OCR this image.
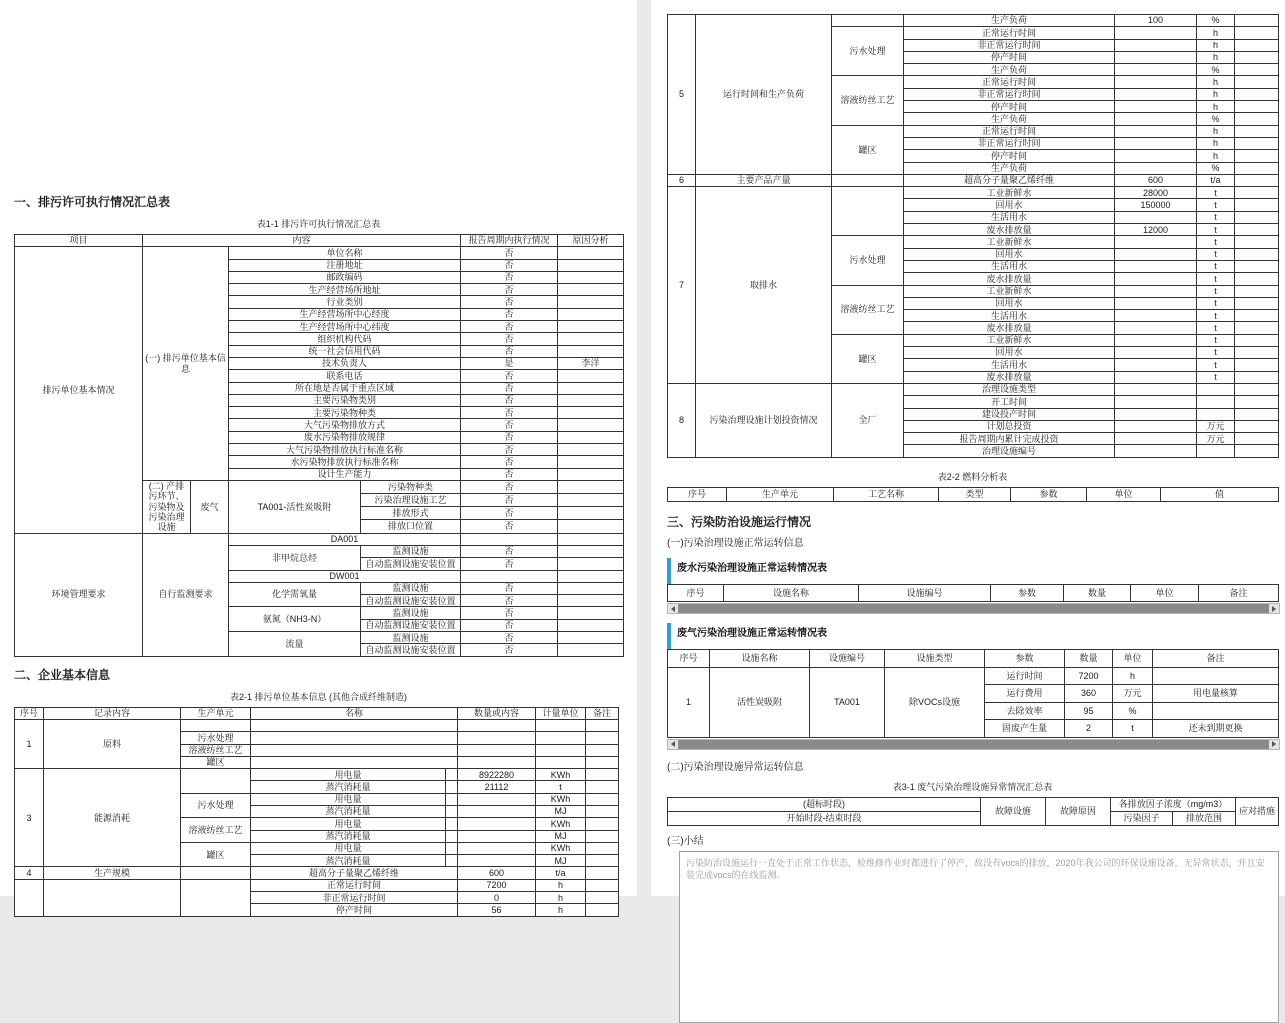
一、排污许可执行情况汇总表
表1-1 排污许可执行情况汇总表
项目	内容				报告周期内执行情况	原因分析
排污单位基本情况	(一) 排污单位基本信息		单位名称		否	
			注册地址		否	
			邮政编码		否	
			生产经营场所地址		否	
			行业类别		否	
			生产经营场所中心经度		否	
			生产经营场所中心纬度		否	
			组织机构代码		否	
			统一社会信用代码		否	
			技术负责人		是	李洋
			联系电话		否	
			所在地是否属于重点区域		否	
			主要污染物类别		否	
			主要污染物种类		否	
			大气污染物排放方式		否	
			废水污染物排放规律		否	
			大气污染物排放执行标准名称		否	
			水污染物排放执行标准名称		否	
			设计生产能力		否	
	(二) 产排污环节、污染物及污染治理设施	废气	TA001-活性炭吸附	污染物种类	否	
				污染治理设施工艺	否	
				排放形式	否	
				排放口位置	否	
环境管理要求	自行监测要求		DA001			
			非甲烷总烃	监测设施	否	
				自动监测设施安装位置	否	
			DW001			
			化学需氧量	监测设施	否	
				自动监测设施安装位置	否	
			氨氮（NH3-N）	监测设施	否	
				自动监测设施安装位置	否	
			流量	监测设施	否	
				自动监测设施安装位置	否	
二、企业基本信息
表2-1 排污单位基本信息 (其他合成纤维制造)
序号	记录内容	生产单元	名称		数量或内容	计量单位	备注
1	原料						
		污水处理					
		溶液纺丝工艺					
		罐区					
3	能源消耗		用电量		8922280	KWh	
			蒸汽消耗量		21112	t	
		污水处理	用电量			KWh	
			蒸汽消耗量			MJ	
		溶液纺丝工艺	用电量			KWh	
			蒸汽消耗量			MJ	
		罐区	用电量			KWh	
			蒸汽消耗量			MJ	
4	生产规模		超高分子量聚乙烯纤维		600	t/a	
			正常运行时间		7200	h	
			非正常运行时间		0	h	
			停产时间		56	h	
5	运行时间和生产负荷		生产负荷	100	%	
		污水处理	正常运行时间		h	
			非正常运行时间		h	
			停产时间		h	
			生产负荷		%	
		溶液纺丝工艺	正常运行时间		h	
			非正常运行时间		h	
			停产时间		h	
			生产负荷		%	
		罐区	正常运行时间		h	
			非正常运行时间		h	
			停产时间		h	
			生产负荷		%	
6	主要产品产量		超高分子量聚乙烯纤维	600	t/a	
7	取排水		工业新鲜水	28000	t	
			回用水	150000	t	
			生活用水		t	
			废水排放量	12000	t	
		污水处理	工业新鲜水		t	
			回用水		t	
			生活用水		t	
			废水排放量		t	
		溶液纺丝工艺	工业新鲜水		t	
			回用水		t	
			生活用水		t	
			废水排放量		t	
		罐区	工业新鲜水		t	
			回用水		t	
			生活用水		t	
			废水排放量		t	
8	污染治理设施计划投资情况	全厂	治理设施类型			
			开工时间			
			建设投产时间			
			计划总投资		万元	
			报告周期内累计完成投资		万元	
			治理设施编号			
表2-2 燃料分析表
序号	生产单元	工艺名称	类型	参数	单位	值
三、污染防治设施运行情况
(一)污染治理设施正常运转信息
废水污染治理设施正常运转情况表
序号	设施名称	设施编号	参数	数量	单位	备注
废气污染治理设施正常运转情况表
序号	设施名称	设施编号	设施类型	参数	数量	单位	备注
1	活性炭吸附	TA001	除VOCs设施	运行时间	7200	h	
				运行费用	360	万元	用电量核算
				去除效率	95	%	
				固废产生量	2	t	还未到期更换
(二)污染治理设施异常运转信息
表3-1 废气污染治理设施异常情况汇总表
(超标时段)	故障设施	故障原因	各排放因子浓度（mg/m3）		应对措施
开始时段-结束时段			污染因子	排放范围	
(三)小结
污染防治设施运行一直处于正常工作状态，检维修作业时都进行了停产，故没有vocs的排放，2020年我公司的环保设施设备，无异常状态，并且安装完成vocs的在线监测。
